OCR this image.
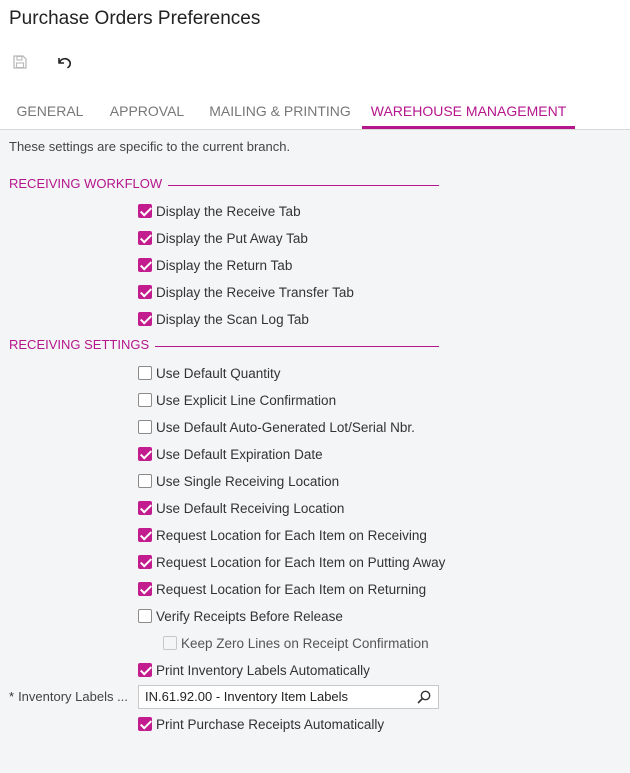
Purchase Orders Preferences
GENERAL	APPROVAL	MAILING & PRINTING	WAREHOUSE MANAGEMENT
These settings are specific to the current branch.
RECEIVING WORKFLOW
Display the Receive Tab
Display the Put Away Tab
Display the Return Tab
Display the Receive Transfer Tab
Display the Scan Log Tab
RECEIVING SETTINGS
Use Default Quantity
Use Explicit Line Confirmation
Use Default Auto-Generated Lot/Serial Nbr.
Use Default Expiration Date
Use Single Receiving Location
Use Default Receiving Location
Request Location for Each Item on Receiving
Request Location for Each Item on Putting Away
Request Location for Each Item on Returning
Verify Receipts Before Release
Keep Zero Lines on Receipt Confirmation
Print Inventory Labels Automatically
* Inventory Labels ...	IN.61.92.00 - Inventory Item Labels
Print Purchase Receipts Automatically
